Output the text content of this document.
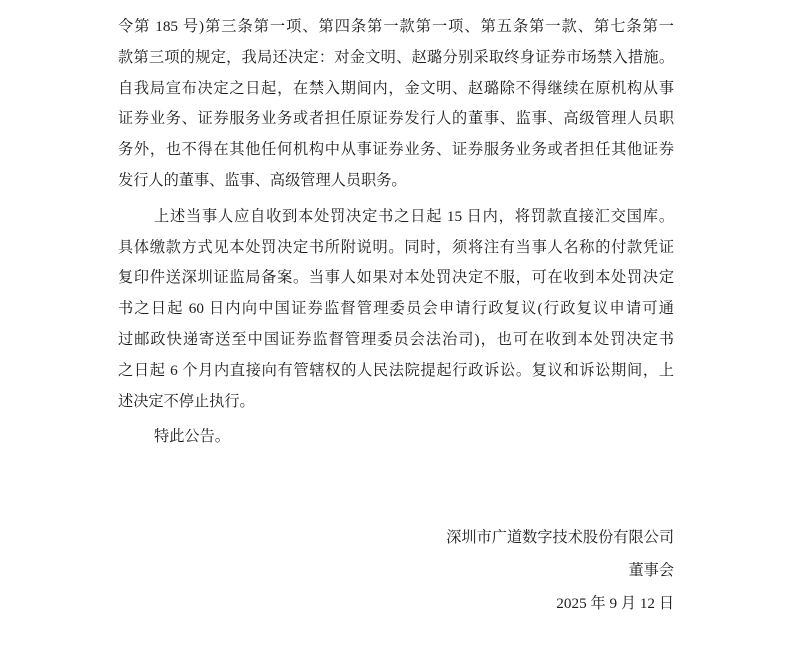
令第 185 号)第三条第一项、第四条第一款第一项、第五条第一款、第七条第一
款第三项的规定，我局还决定：对金文明、赵璐分别采取终身证券市场禁入措施。
自我局宣布决定之日起，在禁入期间内，金文明、赵璐除不得继续在原机构从事
证券业务、证券服务业务或者担任原证券发行人的董事、监事、高级管理人员职
务外，也不得在其他任何机构中从事证券业务、证券服务业务或者担任其他证券
发行人的董事、监事、高级管理人员职务。
上述当事人应自收到本处罚决定书之日起 15 日内，将罚款直接汇交国库。
具体缴款方式见本处罚决定书所附说明。同时，须将注有当事人名称的付款凭证
复印件送深圳证监局备案。当事人如果对本处罚决定不服，可在收到本处罚决定
书之日起 60 日内向中国证券监督管理委员会申请行政复议(行政复议申请可通
过邮政快递寄送至中国证券监督管理委员会法治司)，也可在收到本处罚决定书
之日起 6 个月内直接向有管辖权的人民法院提起行政诉讼。复议和诉讼期间，上
述决定不停止执行。
特此公告。
深圳市广道数字技术股份有限公司
董事会
2025 年 9 月 12 日
